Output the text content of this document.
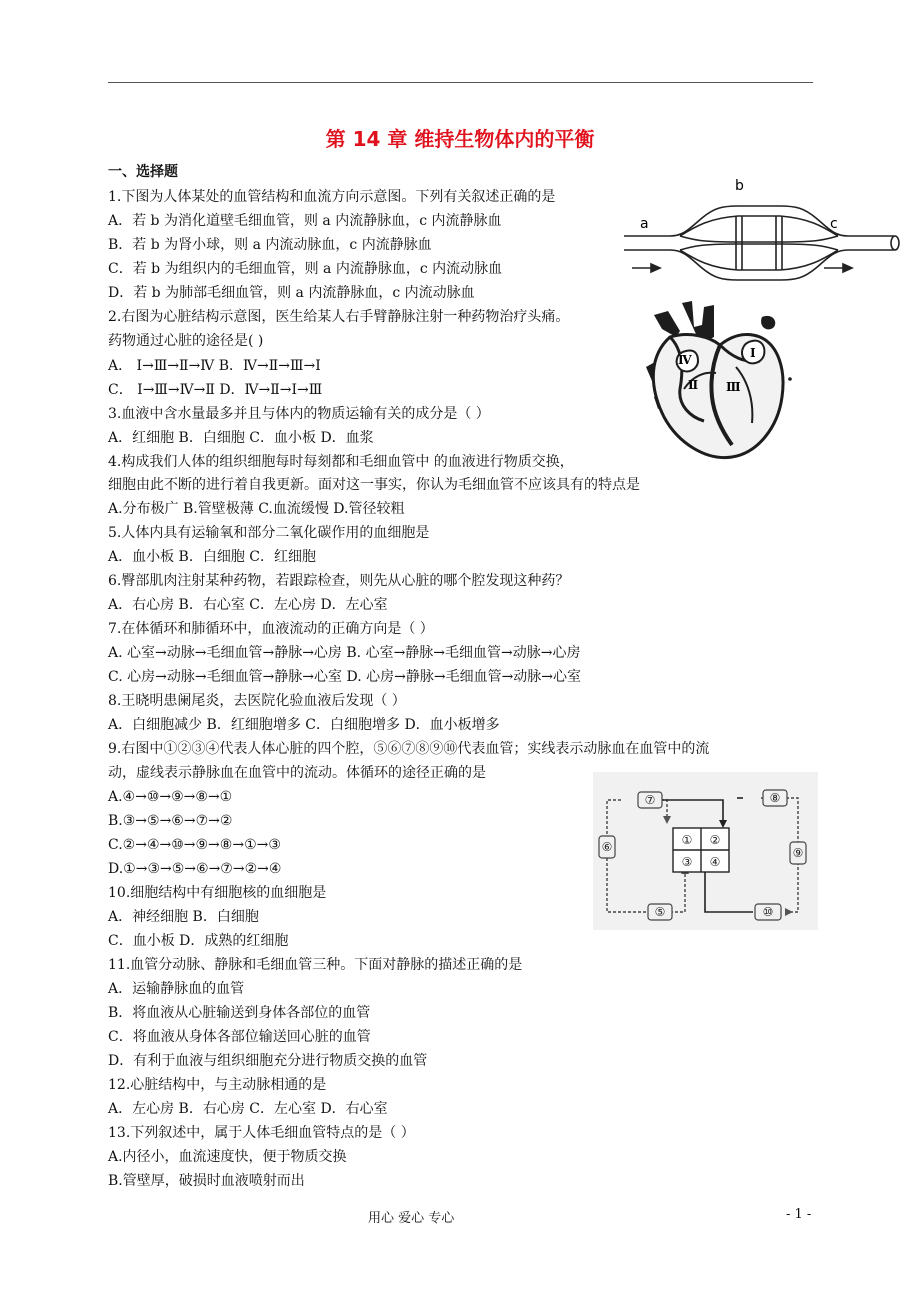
第 14 章 维持生物体内的平衡
一、选择题
1.下图为人体某处的血管结构和血流方向示意图。下列有关叙述正确的是
A．若 b 为消化道壁毛细血管，则 a 内流静脉血，c 内流静脉血
B．若 b 为肾小球，则 a 内流动脉血，c 内流静脉血
C．若 b 为组织内的毛细血管，则 a 内流静脉血，c 内流动脉血
D．若 b 为肺部毛细血管，则 a 内流静脉血，c 内流动脉血
2.右图为心脏结构示意图，医生给某人右手臂静脉注射一种药物治疗头痛。
药物通过心脏的途径是( )
A． Ⅰ→Ⅲ→Ⅱ→Ⅳ B．Ⅳ→Ⅱ→Ⅲ→Ⅰ
C． Ⅰ→Ⅲ→Ⅳ→Ⅱ D．Ⅳ→Ⅱ→Ⅰ→Ⅲ
3.血液中含水量最多并且与体内的物质运输有关的成分是（ ）
A．红细胞 B．白细胞 C．血小板 D．血浆
4.构成我们人体的组织细胞每时每刻都和毛细血管中 的血液进行物质交换，
细胞由此不断的进行着自我更新。面对这一事实，你认为毛细血管不应该具有的特点是
A.分布极广 B.管壁极薄 C.血流缓慢 D.管径较粗
5.人体内具有运输氧和部分二氧化碳作用的血细胞是
A．血小板 B．白细胞 C．红细胞
6.臀部肌肉注射某种药物，若跟踪检查，则先从心脏的哪个腔发现这种药？
A．右心房 B．右心室 C．左心房 D．左心室
7.在体循环和肺循环中，血液流动的正确方向是（ ）
A. 心室→动脉→毛细血管→静脉→心房 B. 心室→静脉→毛细血管→动脉→心房
C. 心房→动脉→毛细血管→静脉→心室 D. 心房→静脉→毛细血管→动脉→心室
8.王晓明患阑尾炎，去医院化验血液后发现（ ）
A．白细胞减少 B．红细胞增多 C．白细胞增多 D．血小板增多
9.右图中①②③④代表人体心脏的四个腔，⑤⑥⑦⑧⑨⑩代表血管；实线表示动脉血在血管中的流
动，虚线表示静脉血在血管中的流动。体循环的途径正确的是
A.④→⑩→⑨→⑧→①
B.③→⑤→⑥→⑦→②
C.②→④→⑩→⑨→⑧→①→③
D.①→③→⑤→⑥→⑦→②→④
10.细胞结构中有细胞核的血细胞是
A．神经细胞 B．白细胞
C．血小板 D．成熟的红细胞
11.血管分动脉、静脉和毛细血管三种。下面对静脉的描述正确的是
A．运输静脉血的血管
B．将血液从心脏输送到身体各部位的血管
C．将血液从身体各部位输送回心脏的血管
D．有利于血液与组织细胞充分进行物质交换的血管
12.心脏结构中，与主动脉相通的是
A．左心房 B．右心房 C．左心室 D．右心室
13.下列叙述中，属于人体毛细血管特点的是（ ）
A.内径小，血流速度快，便于物质交换
B.管壁厚，破损时血液喷射而出
a
b
c
Ⅳ	Ⅰ
Ⅱ Ⅲ
① ②
③ ④
⑦	⑧
⑥	⑨
⑤	⑩
用心 爱心 专心	- 1 -
